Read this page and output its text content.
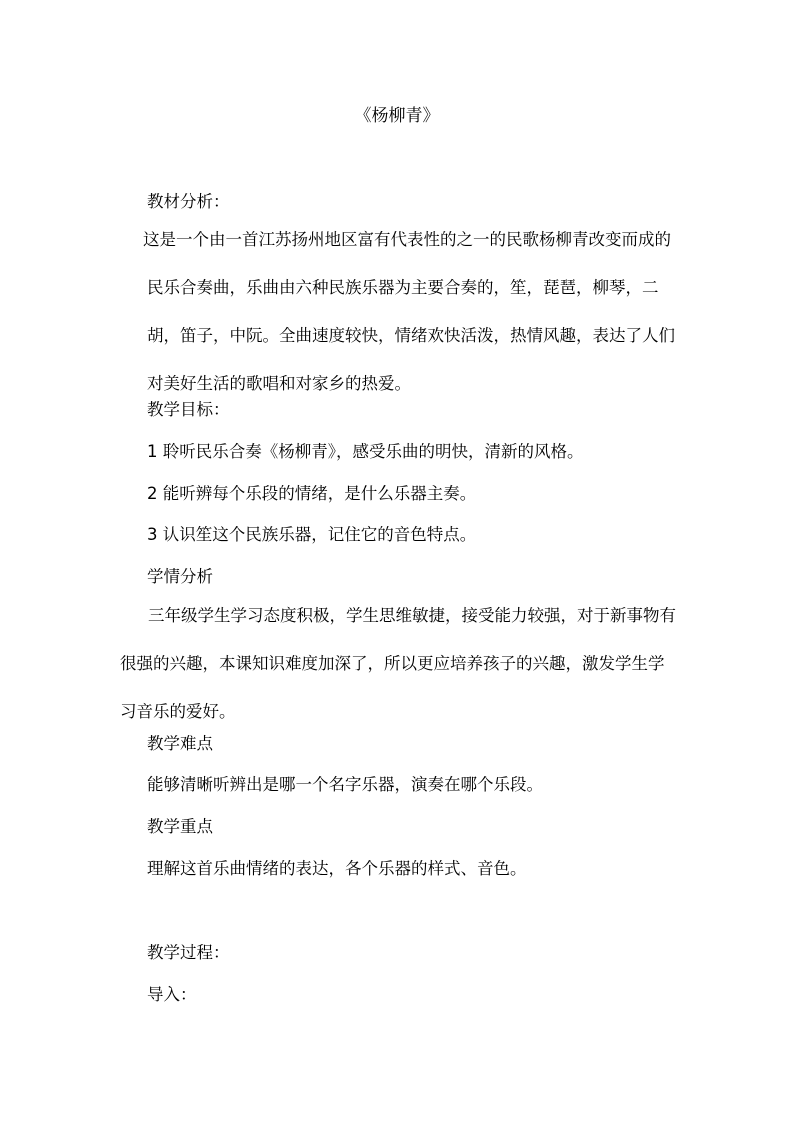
《杨柳青》
教材分析：
这是一个由一首江苏扬州地区富有代表性的之一的民歌杨柳青改变而成的民乐合奏曲，乐曲由六种民族乐器为主要合奏的，笙，琵琶，柳琴，二胡，笛子，中阮。全曲速度较快，情绪欢快活泼，热情风趣，表达了人们对美好生活的歌唱和对家乡的热爱。
教学目标：
1 聆听民乐合奏《杨柳青》，感受乐曲的明快，清新的风格。
2 能听辨每个乐段的情绪，是什么乐器主奏。
3 认识笙这个民族乐器，记住它的音色特点。
学情分析
三年级学生学习态度积极，学生思维敏捷，接受能力较强，对于新事物有很强的兴趣，本课知识难度加深了，所以更应培养孩子的兴趣，激发学生学习音乐的爱好。
教学难点
能够清晰听辨出是哪一个名字乐器，演奏在哪个乐段。
教学重点
理解这首乐曲情绪的表达，各个乐器的样式、音色。
教学过程：
导入：
